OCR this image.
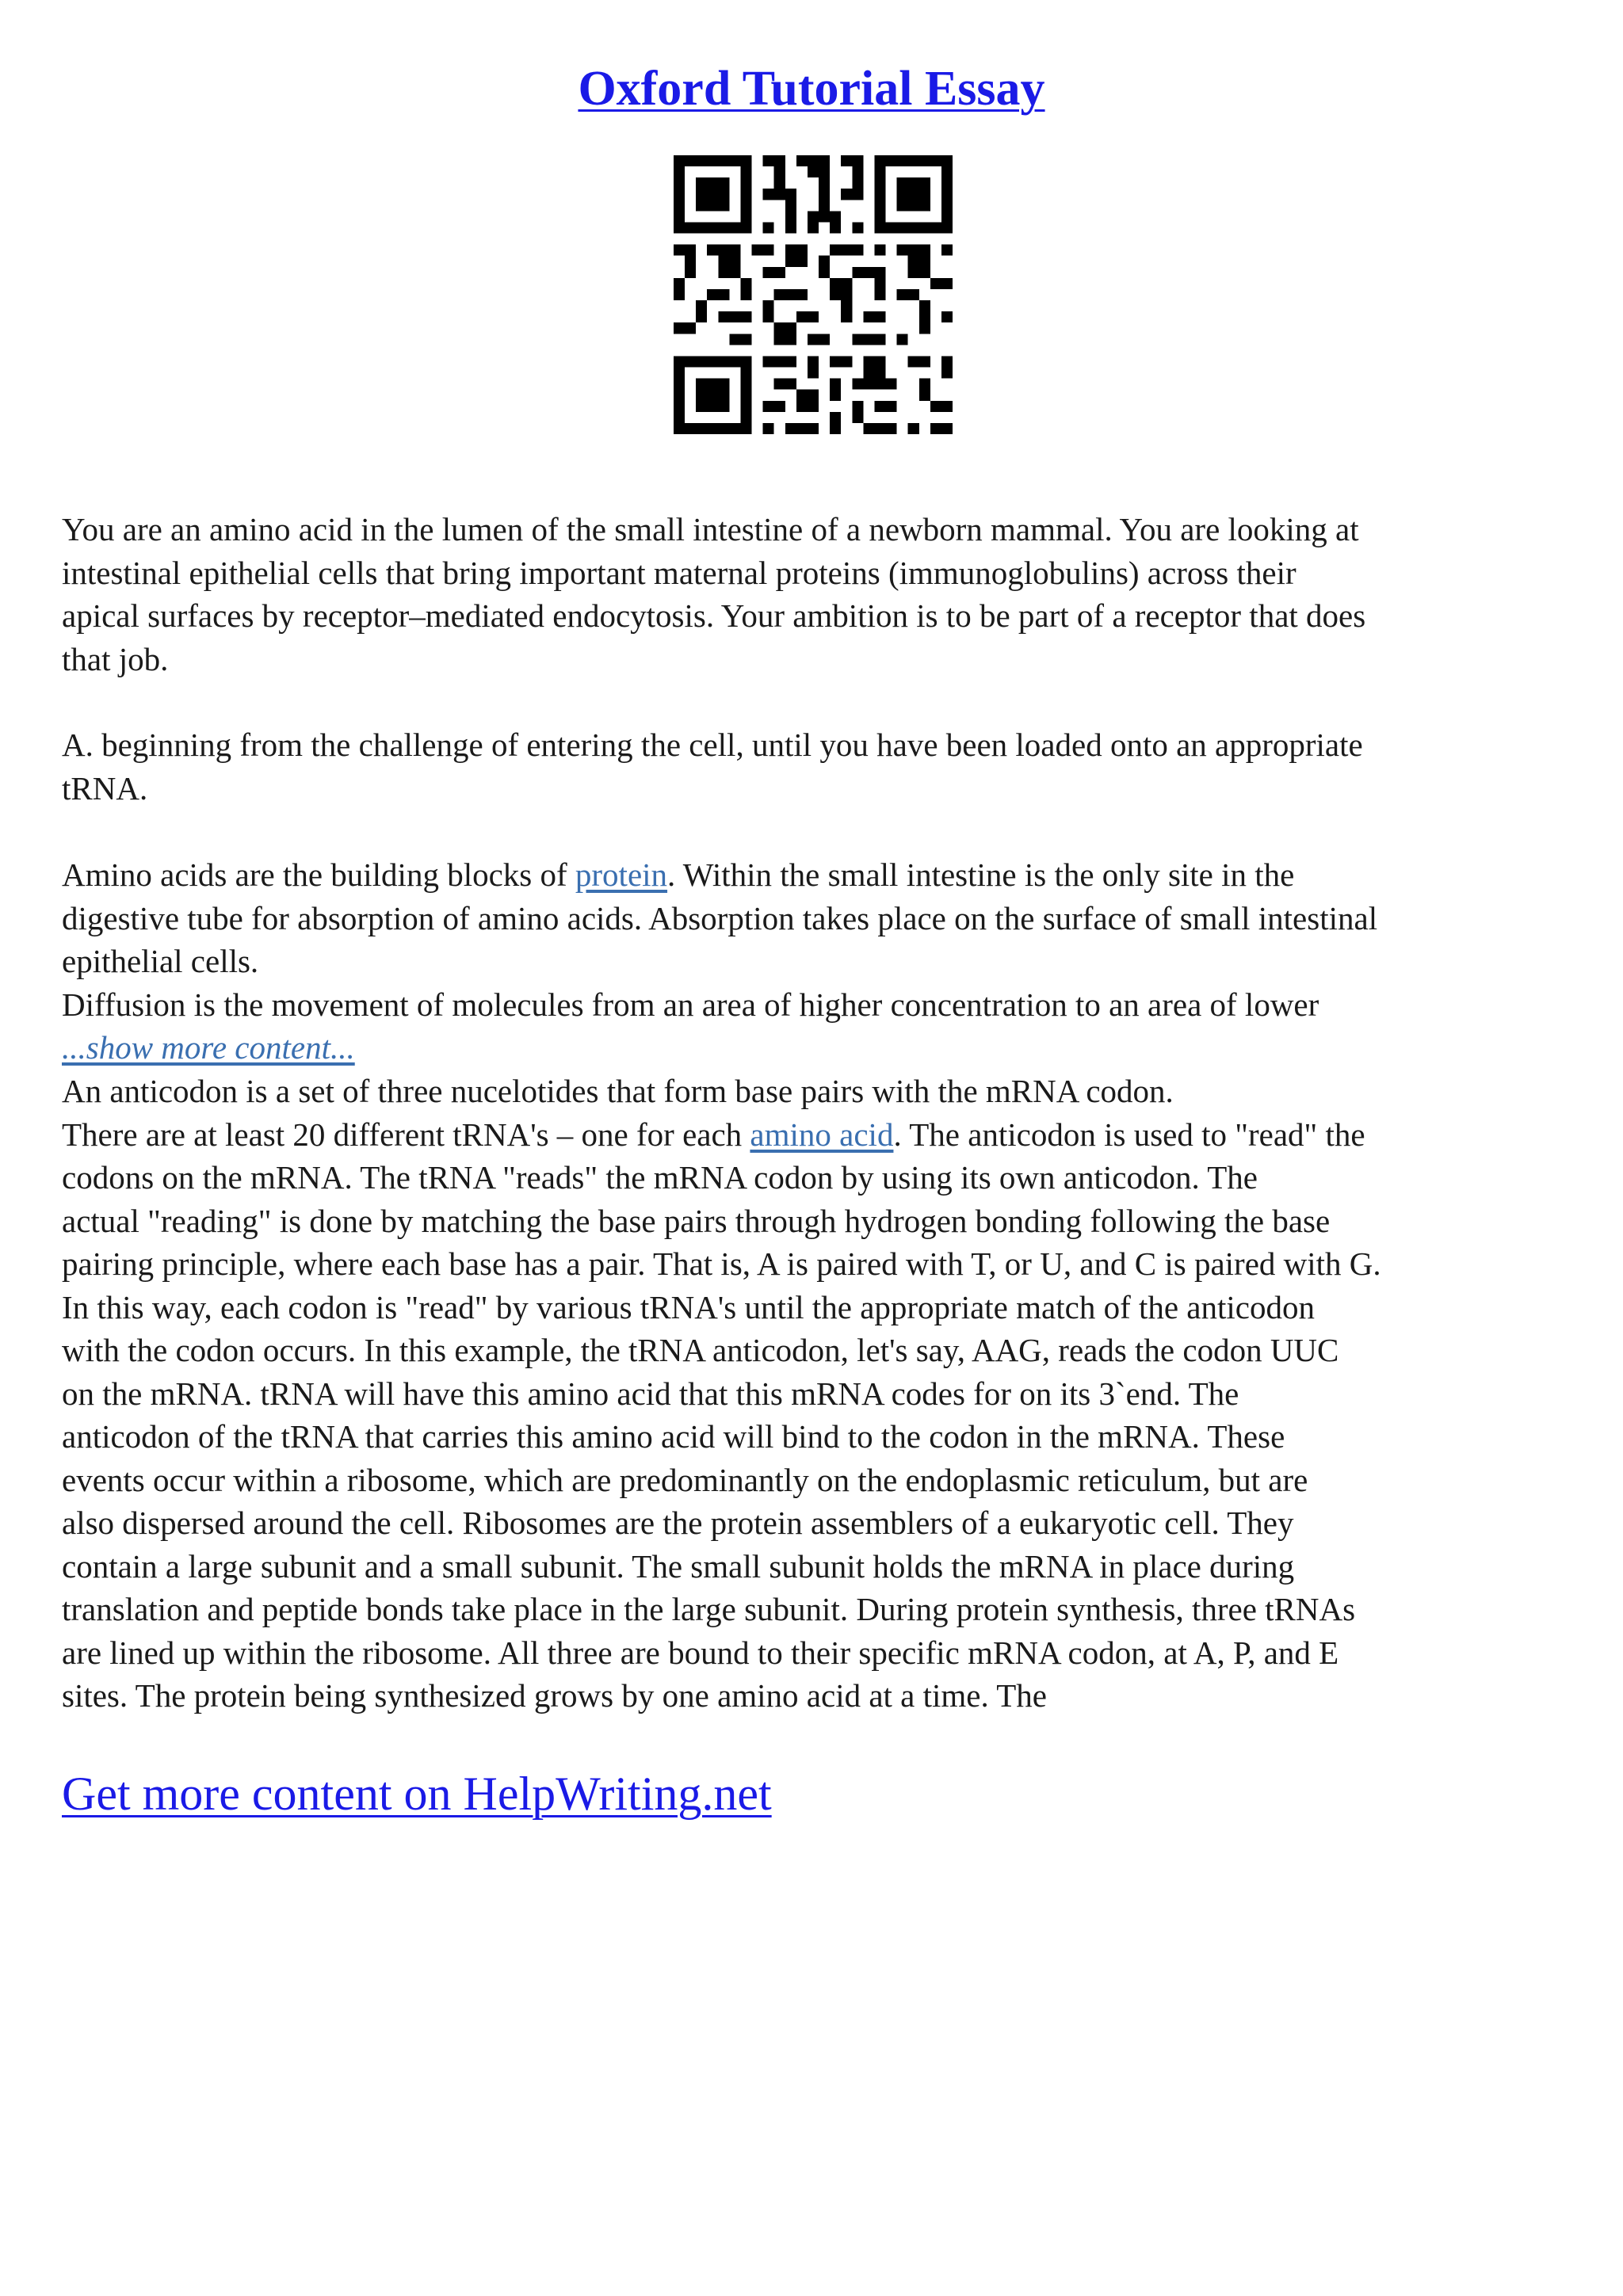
Oxford Tutorial Essay

You are an amino acid in the lumen of the small intestine of a newborn mammal. You are looking at
intestinal epithelial cells that bring important maternal proteins (immunoglobulins) across their
apical surfaces by receptor–mediated endocytosis. Your ambition is to be part of a receptor that does
that job.

A. beginning from the challenge of entering the cell, until you have been loaded onto an appropriate
tRNA.

Amino acids are the building blocks of protein. Within the small intestine is the only site in the
digestive tube for absorption of amino acids. Absorption takes place on the surface of small intestinal
epithelial cells.
Diffusion is the movement of molecules from an area of higher concentration to an area of lower
...show more content...

An anticodon is a set of three nucelotides that form base pairs with the mRNA codon.
There are at least 20 different tRNA's – one for each amino acid. The anticodon is used to "read" the
codons on the mRNA. The tRNA "reads" the mRNA codon by using its own anticodon. The
actual "reading" is done by matching the base pairs through hydrogen bonding following the base
pairing principle, where each base has a pair. That is, A is paired with T, or U, and C is paired with G.
In this way, each codon is "read" by various tRNA's until the appropriate match of the anticodon
with the codon occurs. In this example, the tRNA anticodon, let's say, AAG, reads the codon UUC
on the mRNA. tRNA will have this amino acid that this mRNA codes for on its 3`end. The
anticodon of the tRNA that carries this amino acid will bind to the codon in the mRNA. These
events occur within a ribosome, which are predominantly on the endoplasmic reticulum, but are
also dispersed around the cell. Ribosomes are the protein assemblers of a eukaryotic cell. They
contain a large subunit and a small subunit. The small subunit holds the mRNA in place during
translation and peptide bonds take place in the large subunit. During protein synthesis, three tRNAs
are lined up within the ribosome. All three are bound to their specific mRNA codon, at A, P, and E
sites. The protein being synthesized grows by one amino acid at a time. The

Get more content on HelpWriting.net
